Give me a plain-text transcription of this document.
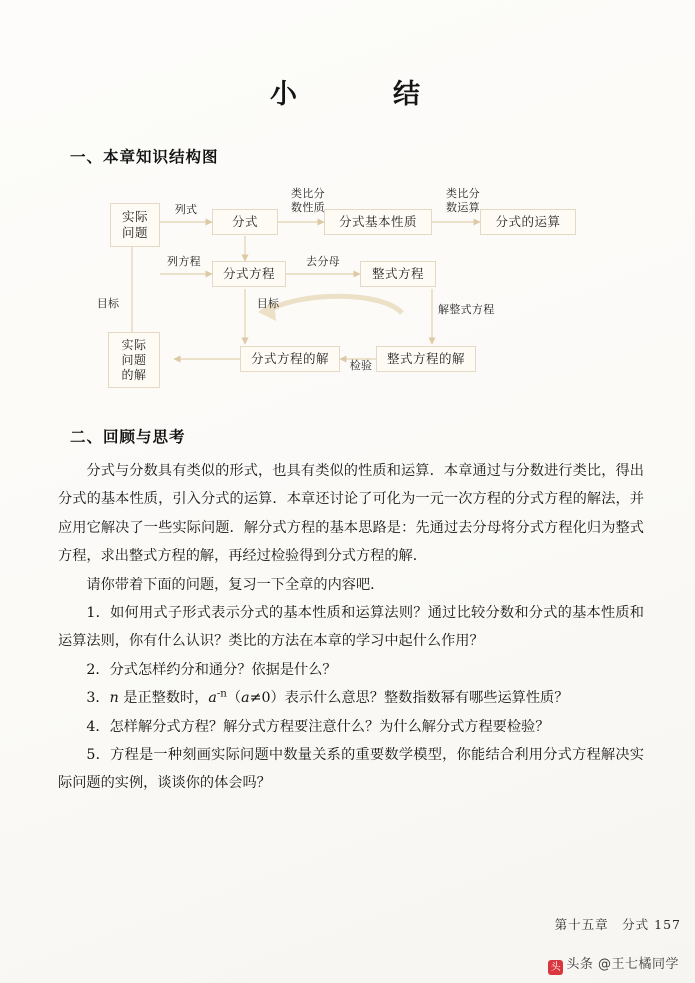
小　　结
一、本章知识结构图
实际
问题
分式	分式基本性质	分式的运算
分式方程	整式方程
实际
问题
的解
分式方程的解	整式方程的解
列式
类比分
数性质
类比分
数运算
列方程	去分母
目标	目标	解整式方程
检验
二、回顾与思考

分式与分数具有类似的形式，也具有类似的性质和运算．本章通过与分数进行类比，得出分式的基本性质，引入分式的运算．本章还讨论了可化为一元一次方程的分式方程的解法，并应用它解决了一些实际问题．解分式方程的基本思路是：先通过去分母将分式方程化归为整式方程，求出整式方程的解，再经过检验得到分式方程的解．

请你带着下面的问题，复习一下全章的内容吧．

1．如何用式子形式表示分式的基本性质和运算法则？通过比较分数和分式的基本性质和运算法则，你有什么认识？类比的方法在本章的学习中起什么作用？

2．分式怎样约分和通分？依据是什么？

3．n 是正整数时，$a^{-n}(a\ne 0)$表示什么意思？整数指数幂有哪些运算性质？

4．怎样解分式方程？解分式方程要注意什么？为什么解分式方程要检验？

5．方程是一种刻画实际问题中数量关系的重要数学模型，你能结合利用分式方程解决实际问题的实例，谈谈你的体会吗？

第十五章　分式 157
头 头条 @王七橘同学
